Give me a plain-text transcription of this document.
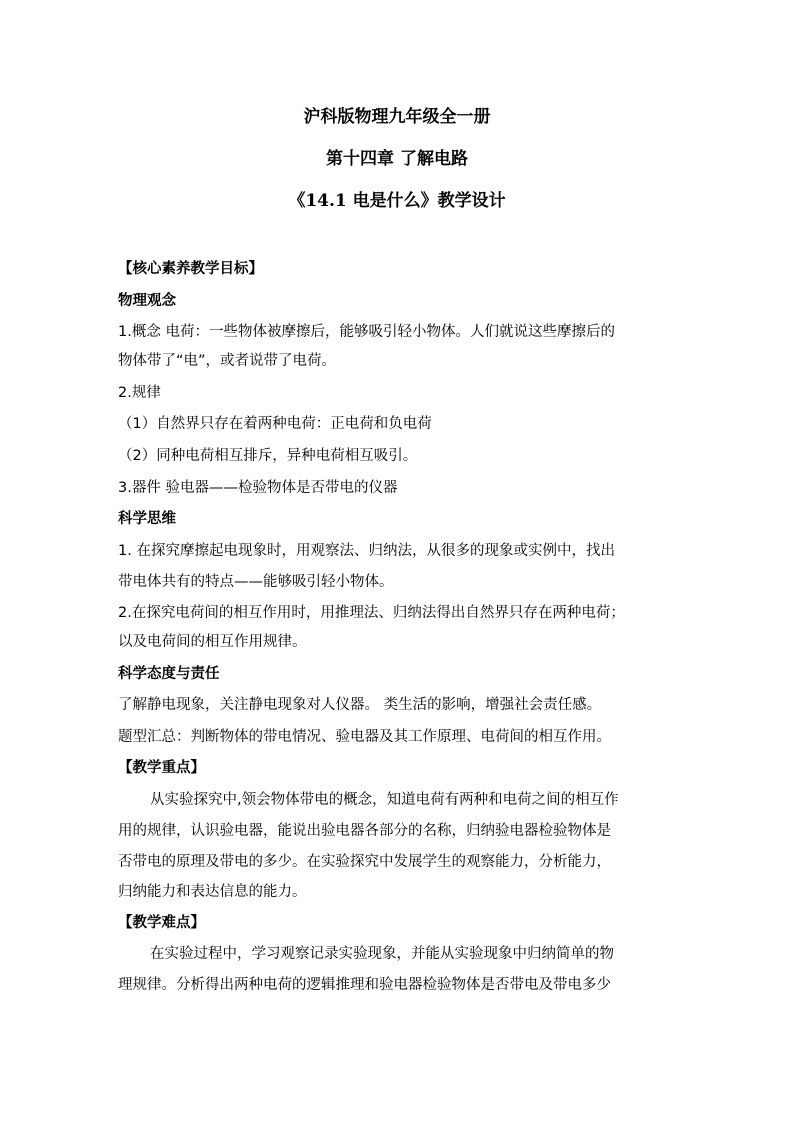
沪科版物理九年级全一册
第十四章 了解电路
《14.1 电是什么》教学设计
【核心素养教学目标】
物理观念
1.概念 电荷：一些物体被摩擦后，能够吸引轻小物体。人们就说这些摩擦后的
物体带了“电”，或者说带了电荷。
2.规律
（1）自然界只存在着两种电荷：正电荷和负电荷
（2）同种电荷相互排斥，异种电荷相互吸引。
3.器件 验电器——检验物体是否带电的仪器
科学思维
1. 在探究摩擦起电现象时，用观察法、归纳法，从很多的现象或实例中，找出
带电体共有的特点——能够吸引轻小物体。
2.在探究电荷间的相互作用时，用推理法、归纳法得出自然界只存在两种电荷；
以及电荷间的相互作用规律。
科学态度与责任
了解静电现象，关注静电现象对人仪器。 类生活的影响，增强社会责任感。
题型汇总：判断物体的带电情况、验电器及其工作原理、电荷间的相互作用。
【教学重点】
从实验探究中,领会物体带电的概念，知道电荷有两种和电荷之间的相互作
用的规律，认识验电器，能说出验电器各部分的名称，归纳验电器检验物体是
否带电的原理及带电的多少。在实验探究中发展学生的观察能力，分析能力，
归纳能力和表达信息的能力。
【教学难点】
在实验过程中，学习观察记录实验现象，并能从实验现象中归纳简单的物
理规律。分析得出两种电荷的逻辑推理和验电器检验物体是否带电及带电多少
